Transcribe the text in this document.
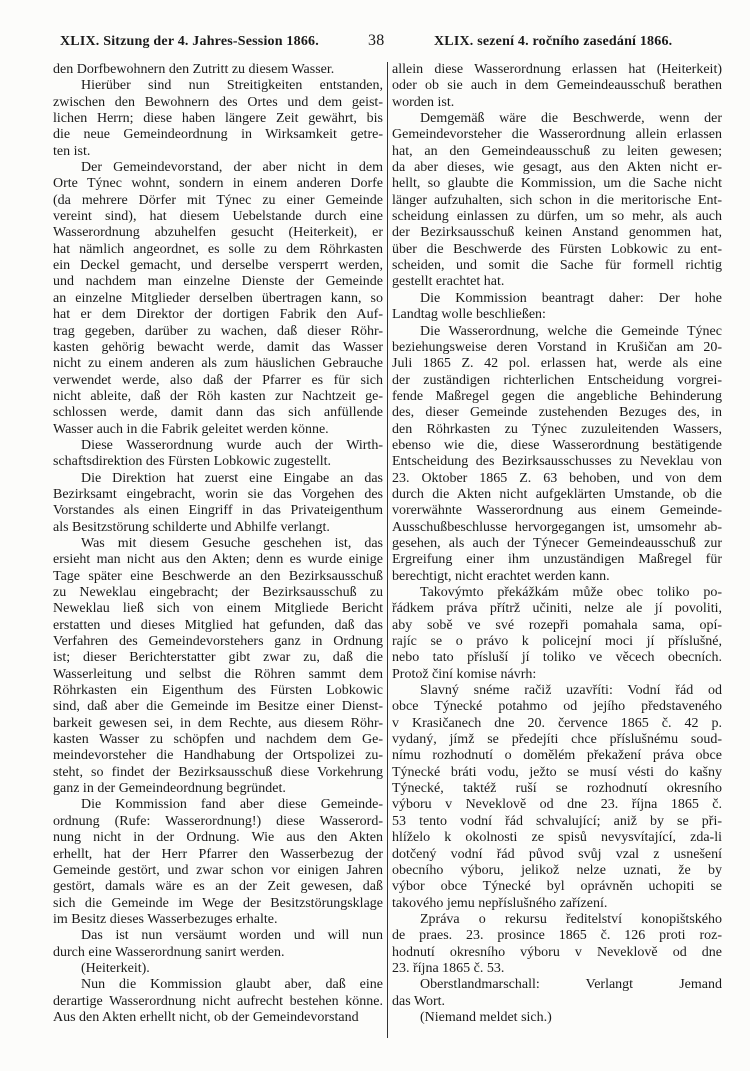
XLIX. Sitzung der 4. Jahres-Session 1866.	38	XLIX. sezení 4. ročního zasedání 1866.
den Dorfbewohnern den Zutritt zu diesem Wasser.
Hierüber sind nun Streitigkeiten entstanden,
zwischen den Bewohnern des Ortes und dem geist-
lichen Herrn; diese haben längere Zeit gewährt, bis
die neue Gemeindeordnung in Wirksamkeit getre-
ten ist.
Der Gemeindevorstand, der aber nicht in dem
Orte Týnec wohnt, sondern in einem anderen Dorfe
(da mehrere Dörfer mit Týnec zu einer Gemeinde
vereint sind), hat diesem Uebelstande durch eine
Wasserordnung abzuhelfen gesucht (Heiterkeit), er
hat nämlich angeordnet, es solle zu dem Röhrkasten
ein Deckel gemacht, und derselbe versperrt werden,
und nachdem man einzelne Dienste der Gemeinde
an einzelne Mitglieder derselben übertragen kann, so
hat er dem Direktor der dortigen Fabrik den Auf-
trag gegeben, darüber zu wachen, daß dieser Röhr-
kasten gehörig bewacht werde, damit das Wasser
nicht zu einem anderen als zum häuslichen Gebrauche
verwendet werde, also daß der Pfarrer es für sich
nicht ableite, daß der Röh kasten zur Nachtzeit ge-
schlossen werde, damit dann das sich anfüllende
Wasser auch in die Fabrik geleitet werden könne.
Diese Wasserordnung wurde auch der Wirth-
schaftsdirektion des Fürsten Lobkowic zugestellt.
Die Direktion hat zuerst eine Eingabe an das
Bezirksamt eingebracht, worin sie das Vorgehen des
Vorstandes als einen Eingriff in das Privateigenthum
als Besitzstörung schilderte und Abhilfe verlangt.
Was mit diesem Gesuche geschehen ist, das
ersieht man nicht aus den Akten; denn es wurde einige
Tage später eine Beschwerde an den Bezirksausschuß
zu Neweklau eingebracht; der Bezirksausschuß zu
Neweklau ließ sich von einem Mitgliede Bericht
erstatten und dieses Mitglied hat gefunden, daß das
Verfahren des Gemeindevorstehers ganz in Ordnung
ist; dieser Berichterstatter gibt zwar zu, daß die
Wasserleitung und selbst die Röhren sammt dem
Röhrkasten ein Eigenthum des Fürsten Lobkowic
sind, daß aber die Gemeinde im Besitze einer Dienst-
barkeit gewesen sei, in dem Rechte, aus diesem Röhr-
kasten Wasser zu schöpfen und nachdem dem Ge-
meindevorsteher die Handhabung der Ortspolizei zu-
steht, so findet der Bezirksausschuß diese Vorkehrung
ganz in der Gemeindeordnung begründet.
Die Kommission fand aber diese Gemeinde-
ordnung (Rufe: Wasserordnung!) diese Wasserord-
nung nicht in der Ordnung. Wie aus den Akten
erhellt, hat der Herr Pfarrer den Wasserbezug der
Gemeinde gestört, und zwar schon vor einigen Jahren
gestört, damals wäre es an der Zeit gewesen, daß
sich die Gemeinde im Wege der Besitzstörungsklage
im Besitz dieses Wasserbezuges erhalte.
Das ist nun versäumt worden und will nun
durch eine Wasserordnung sanirt werden.
(Heiterkeit).
Nun die Kommission glaubt aber, daß eine
derartige Wasserordnung nicht aufrecht bestehen könne.
Aus den Akten erhellt nicht, ob der Gemeindevorstand
allein diese Wasserordnung erlassen hat (Heiterkeit)
oder ob sie auch in dem Gemeindeausschuß berathen
worden ist.
Demgemäß wäre die Beschwerde, wenn der
Gemeindevorsteher die Wasserordnung allein erlassen
hat, an den Gemeindeausschuß zu leiten gewesen;
da aber dieses, wie gesagt, aus den Akten nicht er-
hellt, so glaubte die Kommission, um die Sache nicht
länger aufzuhalten, sich schon in die meritorische Ent-
scheidung einlassen zu dürfen, um so mehr, als auch
der Bezirksausschuß keinen Anstand genommen hat,
über die Beschwerde des Fürsten Lobkowic zu ent-
scheiden, und somit die Sache für formell richtig
gestellt erachtet hat.
Die Kommission beantragt daher: Der hohe
Landtag wolle beschließen:
Die Wasserordnung, welche die Gemeinde Týnec
beziehungsweise deren Vorstand in Krušičan am 20-
Juli 1865 Z. 42 pol. erlassen hat, werde als eine
der zuständigen richterlichen Entscheidung vorgrei-
fende Maßregel gegen die angebliche Behinderung
des, dieser Gemeinde zustehenden Bezuges des, in
den Röhrkasten zu Týnec zuzuleitenden Wassers,
ebenso wie die, diese Wasserordnung bestätigende
Entscheidung des Bezirksausschusses zu Neveklau von
23. Oktober 1865 Z. 63 behoben, und von dem
durch die Akten nicht aufgeklärten Umstande, ob die
vorerwähnte Wasserordnung aus einem Gemeinde-
Ausschußbeschlusse hervorgegangen ist, umsomehr ab-
gesehen, als auch der Týnecer Gemeindeausschuß zur
Ergreifung einer ihm unzuständigen Maßregel für
berechtigt, nicht erachtet werden kann.
Takovýmto překážkám může obec toliko po-
řádkem práva přítrž učiniti, nelze ale jí povoliti,
aby sobě ve své rozepři pomahala sama, opí-
rajíc se o právo k policejní moci jí příslušné,
nebo tato přísluší jí toliko ve věcech obecních.
Protož činí komise návrh:
Slavný snéme račiž uzavříti: Vodní řád od
obce Týnecké potahmo od jejího představeného
v Krasičanech dne 20. července 1865 č. 42 p.
vydaný, jímž se předejíti chce příslušnému soud-
nímu rozhodnutí o domělém překažení práva obce
Týnecké bráti vodu, ježto se musí vésti do kašny
Týnecké, taktéž ruší se rozhodnutí okresního
výboru v Neveklově od dne 23. října 1865 č.
53 tento vodní řád schvalující; aniž by se při-
hlíželo k okolnosti ze spisů nevysvítající, zda-li
dotčený vodní řád původ svůj vzal z usnešení
obecního výboru, jelikož nelze uznati, že by
výbor obce Týnecké byl oprávněn uchopiti se
takového jemu nepříslušného zařízení.
Zpráva o rekursu ředitelství konopištského
de praes. 23. prosince 1865 č. 126 proti roz-
hodnutí okresního výboru v Neveklově od dne
23. října 1865 č. 53.
Oberstlandmarschall: Verlangt Jemand
das Wort.
(Niemand meldet sich.)
